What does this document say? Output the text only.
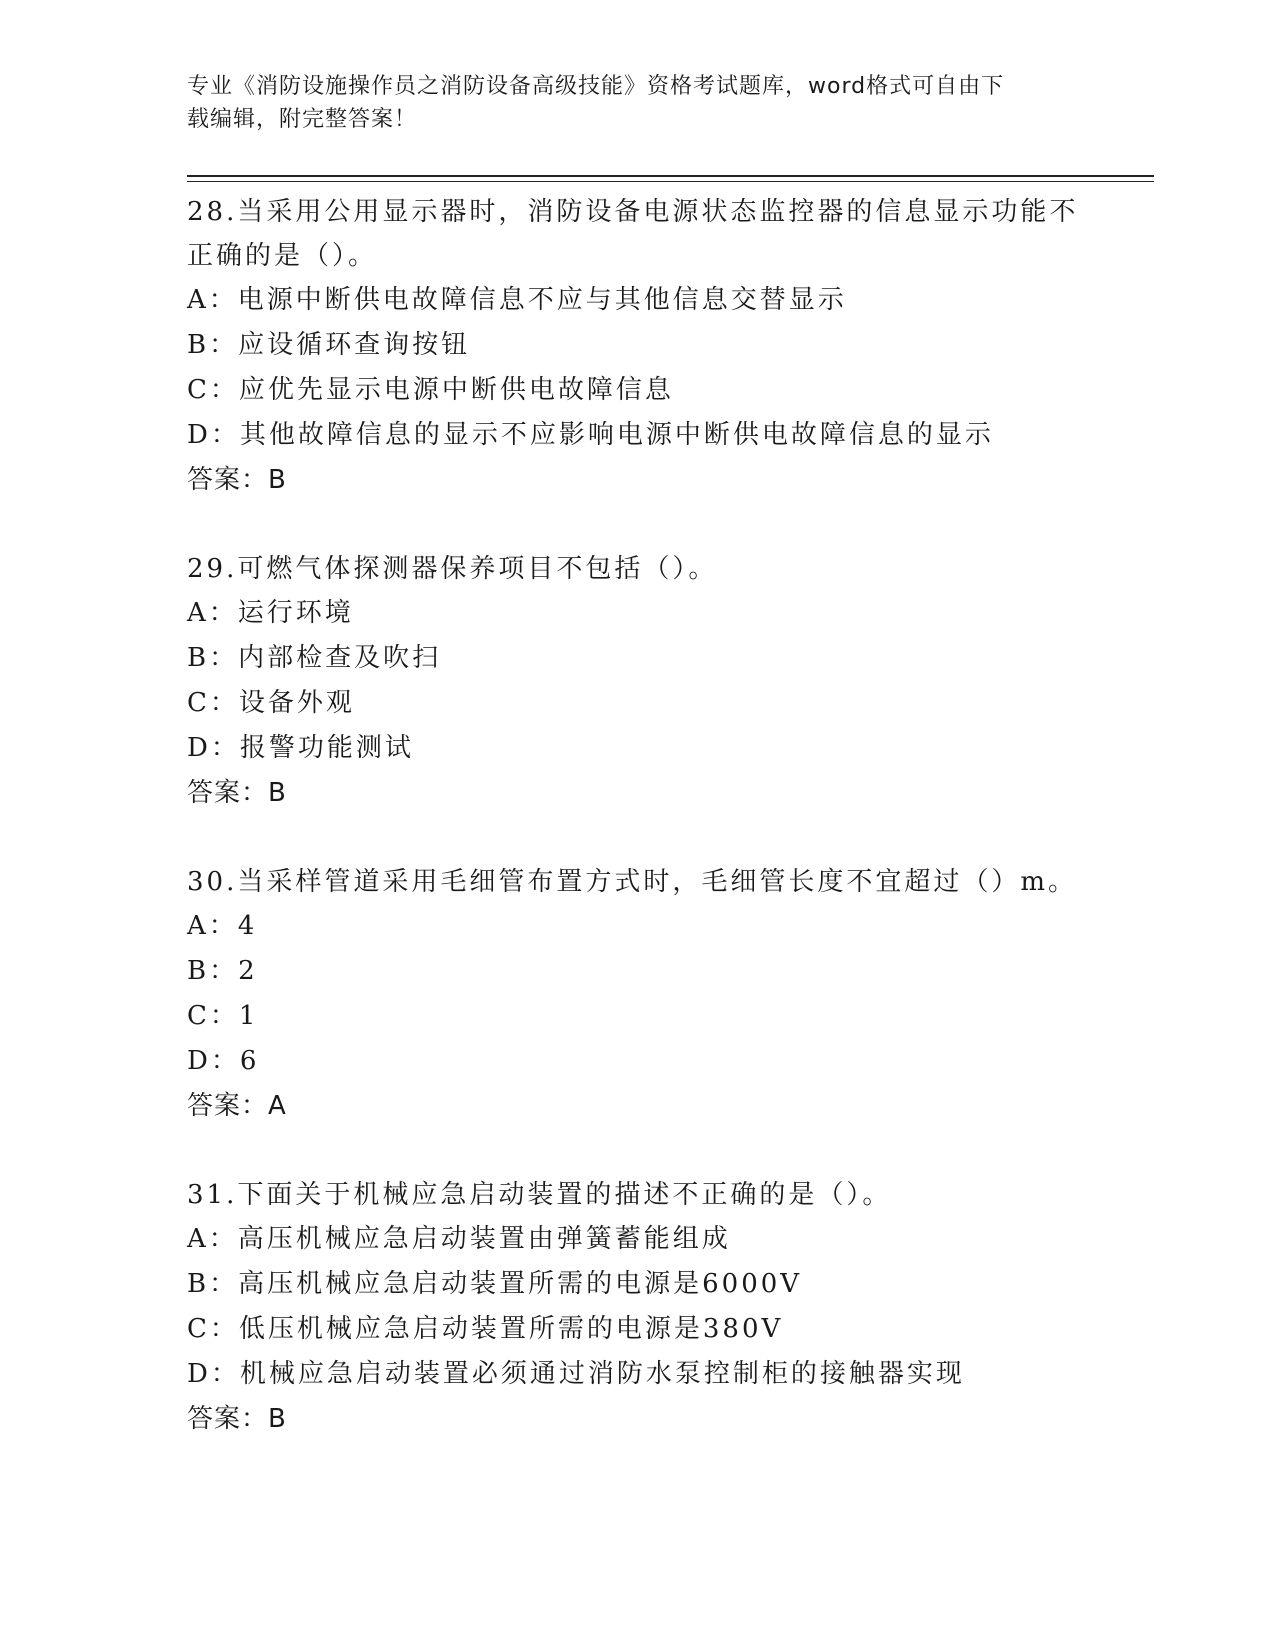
专业《消防设施操作员之消防设备高级技能》资格考试题库，word格式可自由下
载编辑，附完整答案！

28.当采用公用显示器时，消防设备电源状态监控器的信息显示功能不

正确的是（）。

A：电源中断供电故障信息不应与其他信息交替显示

B：应设循环查询按钮

C：应优先显示电源中断供电故障信息

D：其他故障信息的显示不应影响电源中断供电故障信息的显示

答案：B

29.可燃气体探测器保养项目不包括（）。

A：运行环境

B：内部检查及吹扫

C：设备外观

D：报警功能测试

答案：B

30.当采样管道采用毛细管布置方式时，毛细管长度不宜超过（）m。

A：4

B：2

C：1

D：6

答案：A

31.下面关于机械应急启动装置的描述不正确的是（）。

A：高压机械应急启动装置由弹簧蓄能组成

B：高压机械应急启动装置所需的电源是6000V

C：低压机械应急启动装置所需的电源是380V

D：机械应急启动装置必须通过消防水泵控制柜的接触器实现

答案：B
